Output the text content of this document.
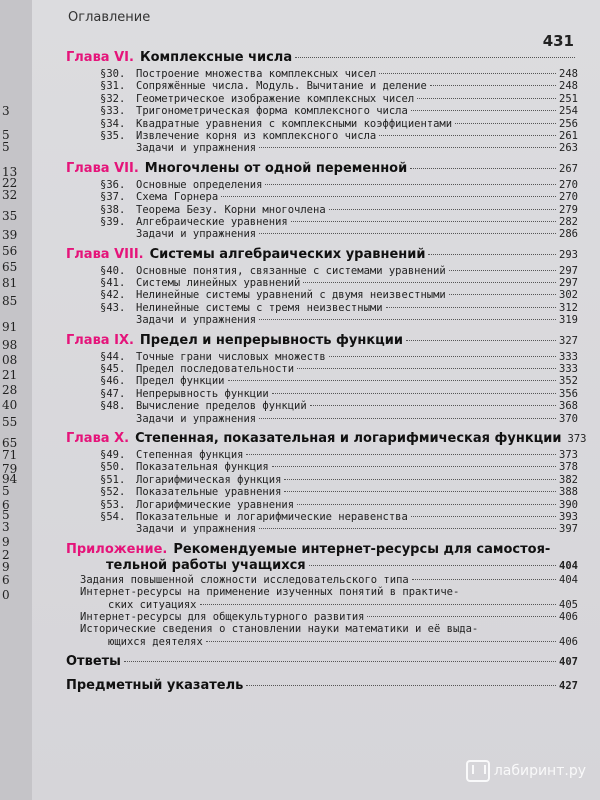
3
5
5
13
22
32
35
39
56
65
81
85
91
98
08
21
28
40
55
65
71
79
94
5
6
5
3
9
2
9
6
0
Оглавление
431
Глава VI. Комплексные числа
§30.	Построение множества комплексных чисел	248
§31.	Сопряжённые числа. Модуль. Вычитание и деление	248
§32.	Геометрическое изображение комплексных чисел	251
§33.	Тригонометрическая форма комплексного числа	254
§34.	Квадратные уравнения с комплексными коэффициентами	256
§35.	Извлечение корня из комплексного числа	261
Задачи и упражнения	263
Глава VII. Многочлены от одной переменной	267
§36.	Основные определения	270
§37.	Схема Горнера	270
§38.	Теорема Безу. Корни многочлена	279
§39.	Алгебраические уравнения	282
Задачи и упражнения	286
Глава VIII. Системы алгебраических уравнений	293
§40.	Основные понятия, связанные с системами уравнений	297
§41.	Системы линейных уравнений	297
§42.	Нелинейные системы уравнений с двумя неизвестными	302
§43.	Нелинейные системы с тремя неизвестными	312
Задачи и упражнения	319
Глава IX. Предел и непрерывность функции	327
§44.	Точные грани числовых множеств	333
§45.	Предел последовательности	333
§46.	Предел функции	352
§47.	Непрерывность функции	356
§48.	Вычисление пределов функций	368
Задачи и упражнения	370
Глава X. Степенная, показательная и логарифмическая функции 373
§49.	Степенная функция	373
§50.	Показательная функция	378
§51.	Логарифмическая функция	382
§52.	Показательные уравнения	388
§53.	Логарифмические уравнения	390
§54.	Показательные и логарифмические неравенства	393
Задачи и упражнения	397
Приложение. Рекомендуемые интернет-ресурсы для самостоя-
тельной работы учащихся	404
Задания повышенной сложности исследовательского типа	404
Интернет-ресурсы на применение изученных понятий в практиче-
ских ситуациях	405
Интернет-ресурсы для общекультурного развития	406
Исторические сведения о становлении науки математики и её выда-
ющихся деятелях	406
Ответы	407
Предметный указатель	427
лабиринт.ру
